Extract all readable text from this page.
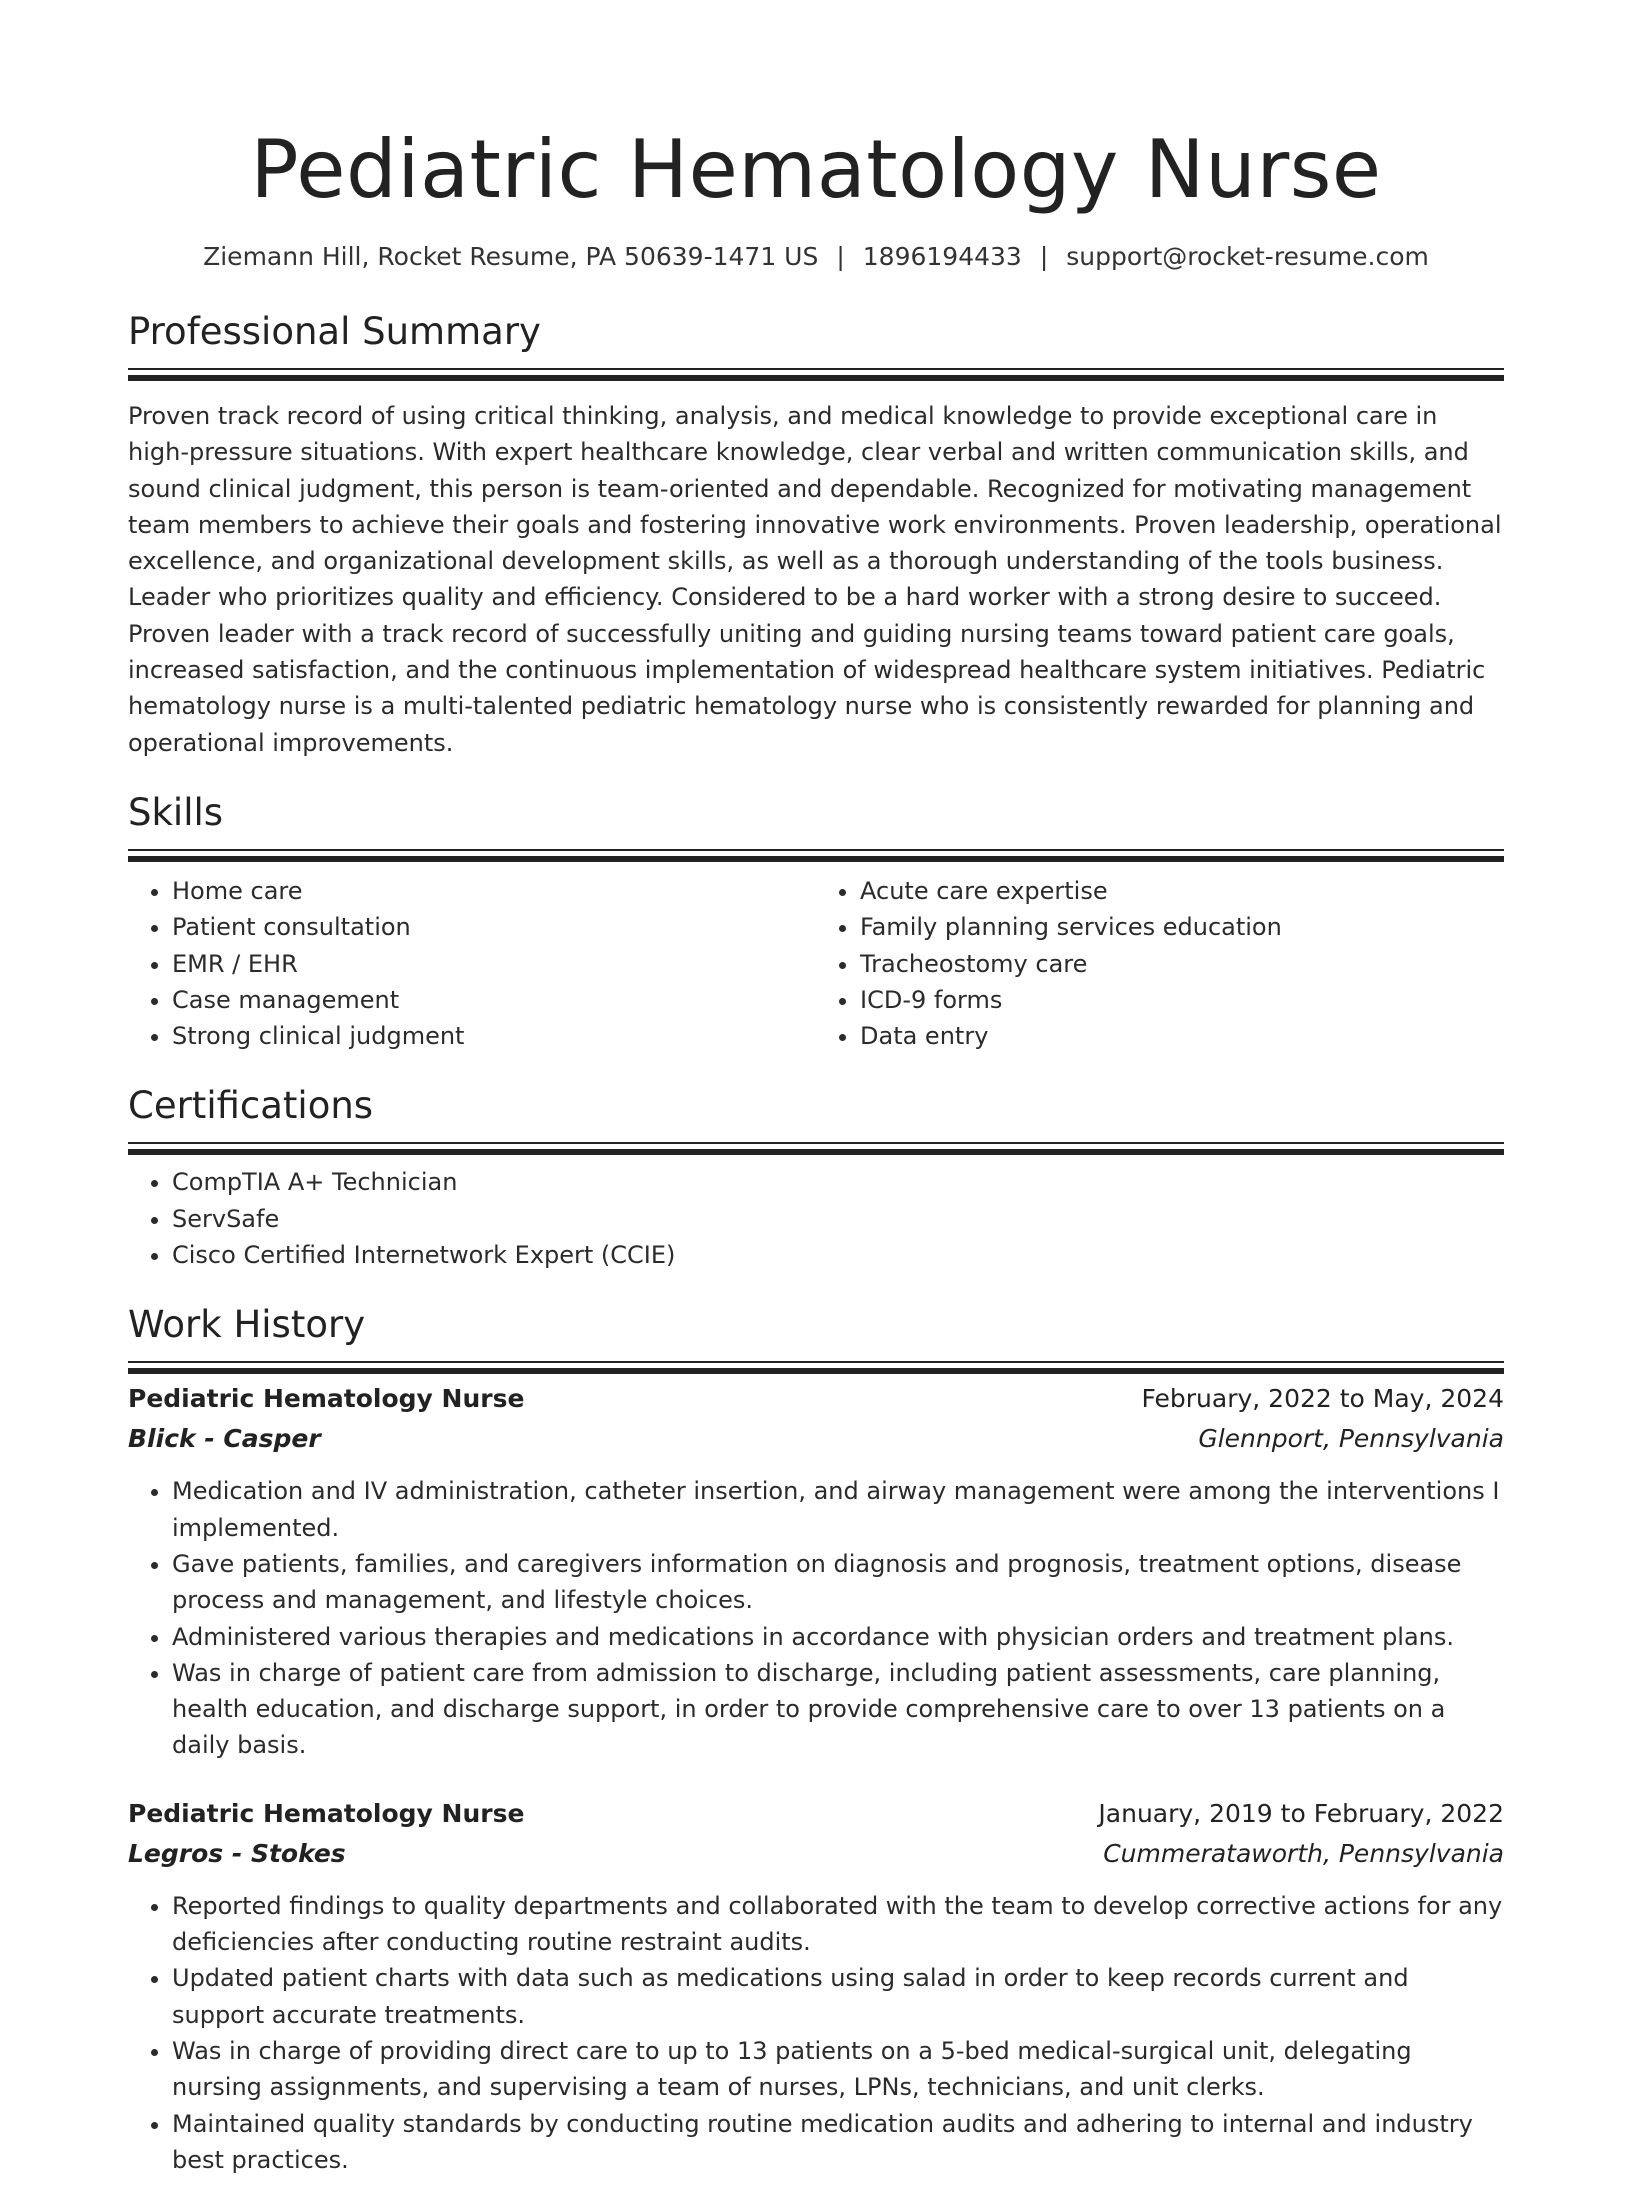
Pediatric Hematology Nurse
Ziemann Hill, Rocket Resume, PA 50639-1471 US | 1896194433 | support@rocket-resume.com
Professional Summary

Proven track record of using critical thinking, analysis, and medical knowledge to provide exceptional care in high-pressure situations. With expert healthcare knowledge, clear verbal and written communication skills, and sound clinical judgment, this person is team-oriented and dependable. Recognized for motivating management team members to achieve their goals and fostering innovative work environments. Proven leadership, operational excellence, and organizational development skills, as well as a thorough understanding of the tools business. Leader who prioritizes quality and efficiency. Considered to be a hard worker with a strong desire to succeed. Proven leader with a track record of successfully uniting and guiding nursing teams toward patient care goals, increased satisfaction, and the continuous implementation of widespread healthcare system initiatives. Pediatric hematology nurse is a multi-talented pediatric hematology nurse who is consistently rewarded for planning and operational improvements.

Skills
• Home care
• Patient consultation
• EMR / EHR
• Case management
• Strong clinical judgment
• Acute care expertise
• Family planning services education
• Tracheostomy care
• ICD-9 forms
• Data entry
Certifications
• CompTIA A+ Technician
• ServSafe
• Cisco Certified Internetwork Expert (CCIE)
Work History
Pediatric Hematology Nurse	February, 2022 to May, 2024
Blick - Casper	Glennport, Pennsylvania
• Medication and IV administration, catheter insertion, and airway management were among the interventions I implemented.
• Gave patients, families, and caregivers information on diagnosis and prognosis, treatment options, disease process and management, and lifestyle choices.
• Administered various therapies and medications in accordance with physician orders and treatment plans.
• Was in charge of patient care from admission to discharge, including patient assessments, care planning, health education, and discharge support, in order to provide comprehensive care to over 13 patients on a daily basis.
Pediatric Hematology Nurse	January, 2019 to February, 2022
Legros - Stokes	Cummerataworth, Pennsylvania
• Reported findings to quality departments and collaborated with the team to develop corrective actions for any deficiencies after conducting routine restraint audits.
• Updated patient charts with data such as medications using salad in order to keep records current and support accurate treatments.
• Was in charge of providing direct care to up to 13 patients on a 5-bed medical-surgical unit, delegating nursing assignments, and supervising a team of nurses, LPNs, technicians, and unit clerks.
• Maintained quality standards by conducting routine medication audits and adhering to internal and industry best practices.
